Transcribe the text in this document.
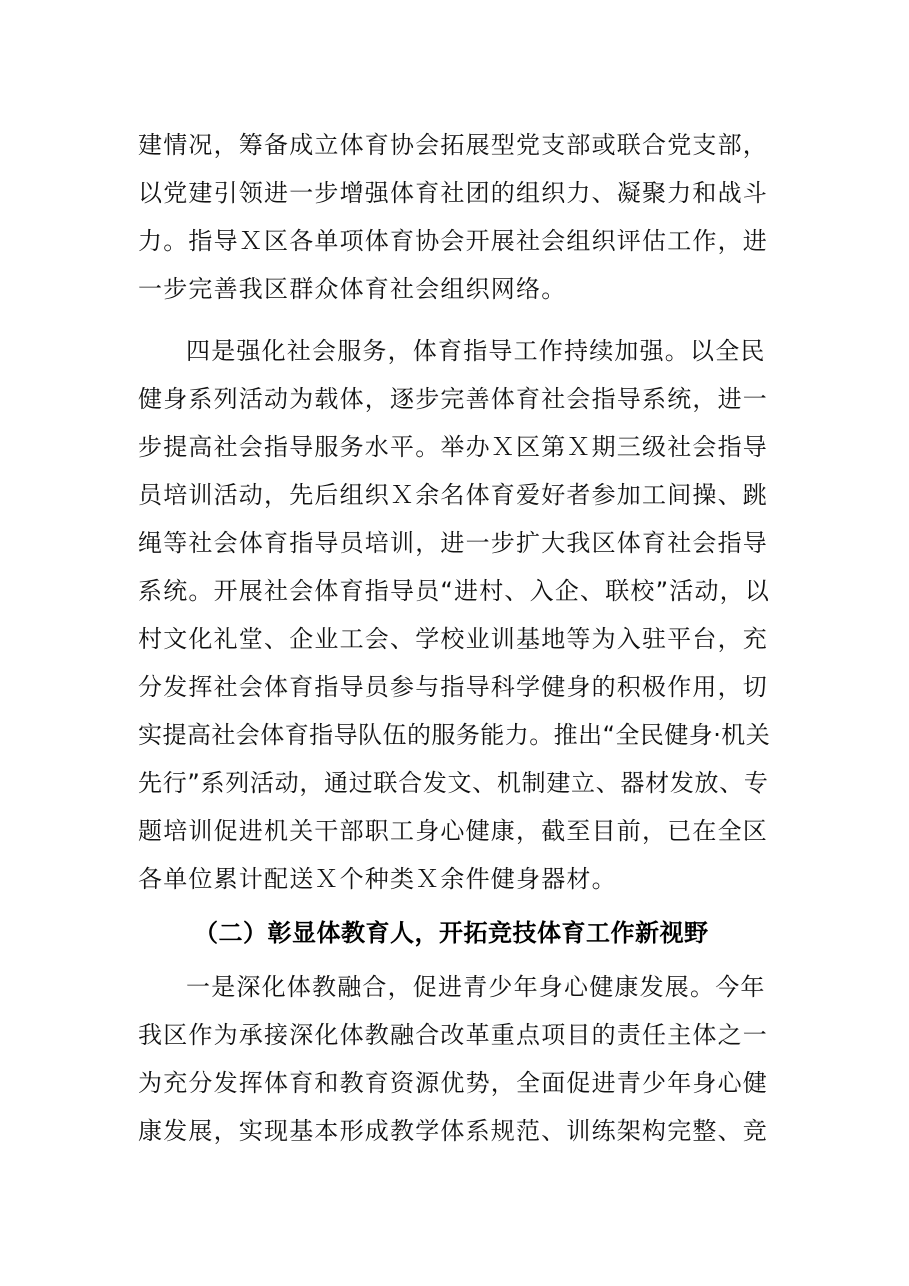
建情况，筹备成立体育协会拓展型党支部或联合党支部，
以党建引领进一步增强体育社团的组织力、凝聚力和战斗
力。指导Ｘ区各单项体育协会开展社会组织评估工作，进
一步完善我区群众体育社会组织网络。
四是强化社会服务，体育指导工作持续加强。以全民
健身系列活动为载体，逐步完善体育社会指导系统，进一
步提高社会指导服务水平。举办Ｘ区第Ｘ期三级社会指导
员培训活动，先后组织Ｘ余名体育爱好者参加工间操、跳
绳等社会体育指导员培训，进一步扩大我区体育社会指导
系统。开展社会体育指导员“进村、入企、联校”活动，以
村文化礼堂、企业工会、学校业训基地等为入驻平台，充
分发挥社会体育指导员参与指导科学健身的积极作用，切
实提高社会体育指导队伍的服务能力。推出“全民健身·机关
先行”系列活动，通过联合发文、机制建立、器材发放、专
题培训促进机关干部职工身心健康，截至目前，已在全区
各单位累计配送Ｘ个种类Ｘ余件健身器材。
（二）彰显体教育人，开拓竞技体育工作新视野
一是深化体教融合，促进青少年身心健康发展。今年
我区作为承接深化体教融合改革重点项目的责任主体之一
为充分发挥体育和教育资源优势，全面促进青少年身心健
康发展，实现基本形成教学体系规范、训练架构完整、竞
